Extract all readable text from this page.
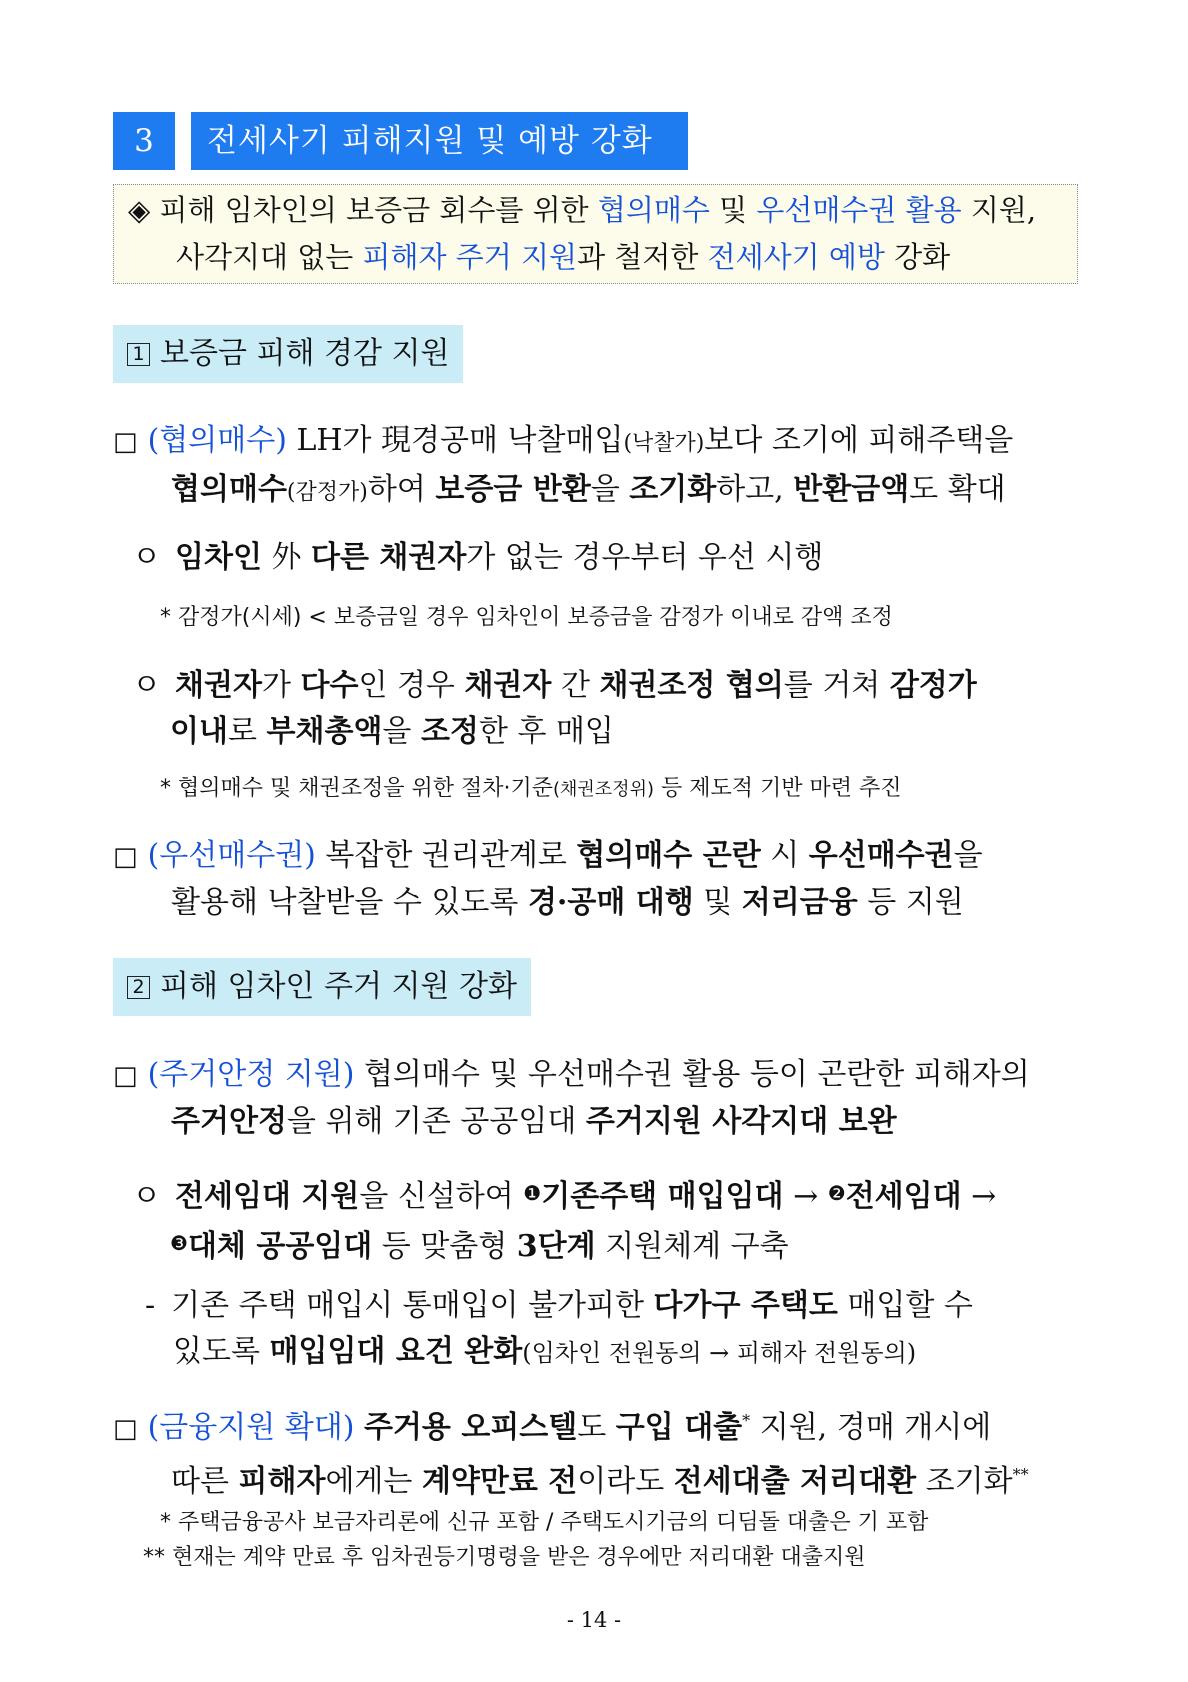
3	전세사기 피해지원 및 예방 강화
◈ 피해 임차인의 보증금 회수를 위한 협의매수 및 우선매수권 활용 지원,
사각지대 없는 피해자 주거 지원과 철저한 전세사기 예방 강화
1 보증금 피해 경감 지원
□ (협의매수) LH가 現경공매 낙찰매입(낙찰가)보다 조기에 피해주택을
협의매수(감정가)하여 보증금 반환을 조기화하고, 반환금액도 확대
ㅇ 임차인 外 다른 채권자가 없는 경우부터 우선 시행
* 감정가(시세) < 보증금일 경우 임차인이 보증금을 감정가 이내로 감액 조정
ㅇ 채권자가 다수인 경우 채권자 간 채권조정 협의를 거쳐 감정가
이내로 부채총액을 조정한 후 매입
* 협의매수 및 채권조정을 위한 절차·기준(채권조정위) 등 제도적 기반 마련 추진
□ (우선매수권) 복잡한 권리관계로 협의매수 곤란 시 우선매수권을
활용해 낙찰받을 수 있도록 경·공매 대행 및 저리금융 등 지원
2 피해 임차인 주거 지원 강화
□ (주거안정 지원) 협의매수 및 우선매수권 활용 등이 곤란한 피해자의
주거안정을 위해 기존 공공임대 주거지원 사각지대 보완
ㅇ 전세임대 지원을 신설하여 $^❶$기존주택 매입임대 → $^❷$전세임대 →
$^❸$대체 공공임대 등 맞춤형 3단계 지원체계 구축
- 기존 주택 매입시 통매입이 불가피한 다가구 주택도 매입할 수
있도록 매입임대 요건 완화(임차인 전원동의 → 피해자 전원동의)
□ (금융지원 확대) 주거용 오피스텔도 구입 대출* 지원, 경매 개시에
따른 피해자에게는 계약만료 전이라도 전세대출 저리대환 조기화**
* 주택금융공사 보금자리론에 신규 포함 / 주택도시기금의 디딤돌 대출은 기 포함
** 현재는 계약 만료 후 임차권등기명령을 받은 경우에만 저리대환 대출지원
- 14 -
